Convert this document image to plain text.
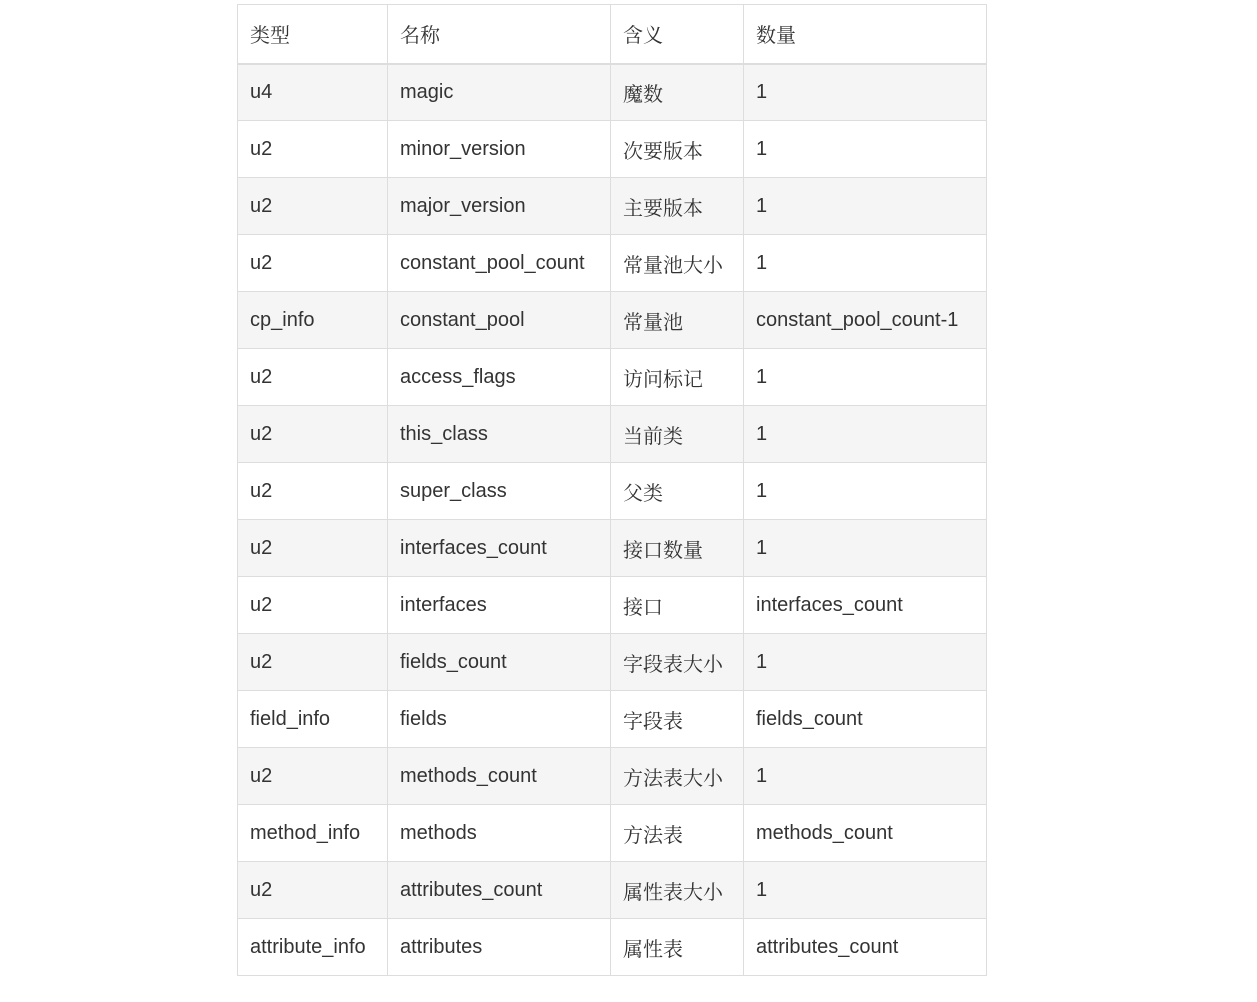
类型	名称	含义	数量
u4	magic	魔数	1
u2	minor_version	次要版本	1
u2	major_version	主要版本	1
u2	constant_pool_count	常量池大小	1
cp_info	constant_pool	常量池	constant_pool_count-1
u2	access_flags	访问标记	1
u2	this_class	当前类	1
u2	super_class	父类	1
u2	interfaces_count	接口数量	1
u2	interfaces	接口	interfaces_count
u2	fields_count	字段表大小	1
field_info	fields	字段表	fields_count
u2	methods_count	方法表大小	1
method_info	methods	方法表	methods_count
u2	attributes_count	属性表大小	1
attribute_info	attributes	属性表	attributes_count
